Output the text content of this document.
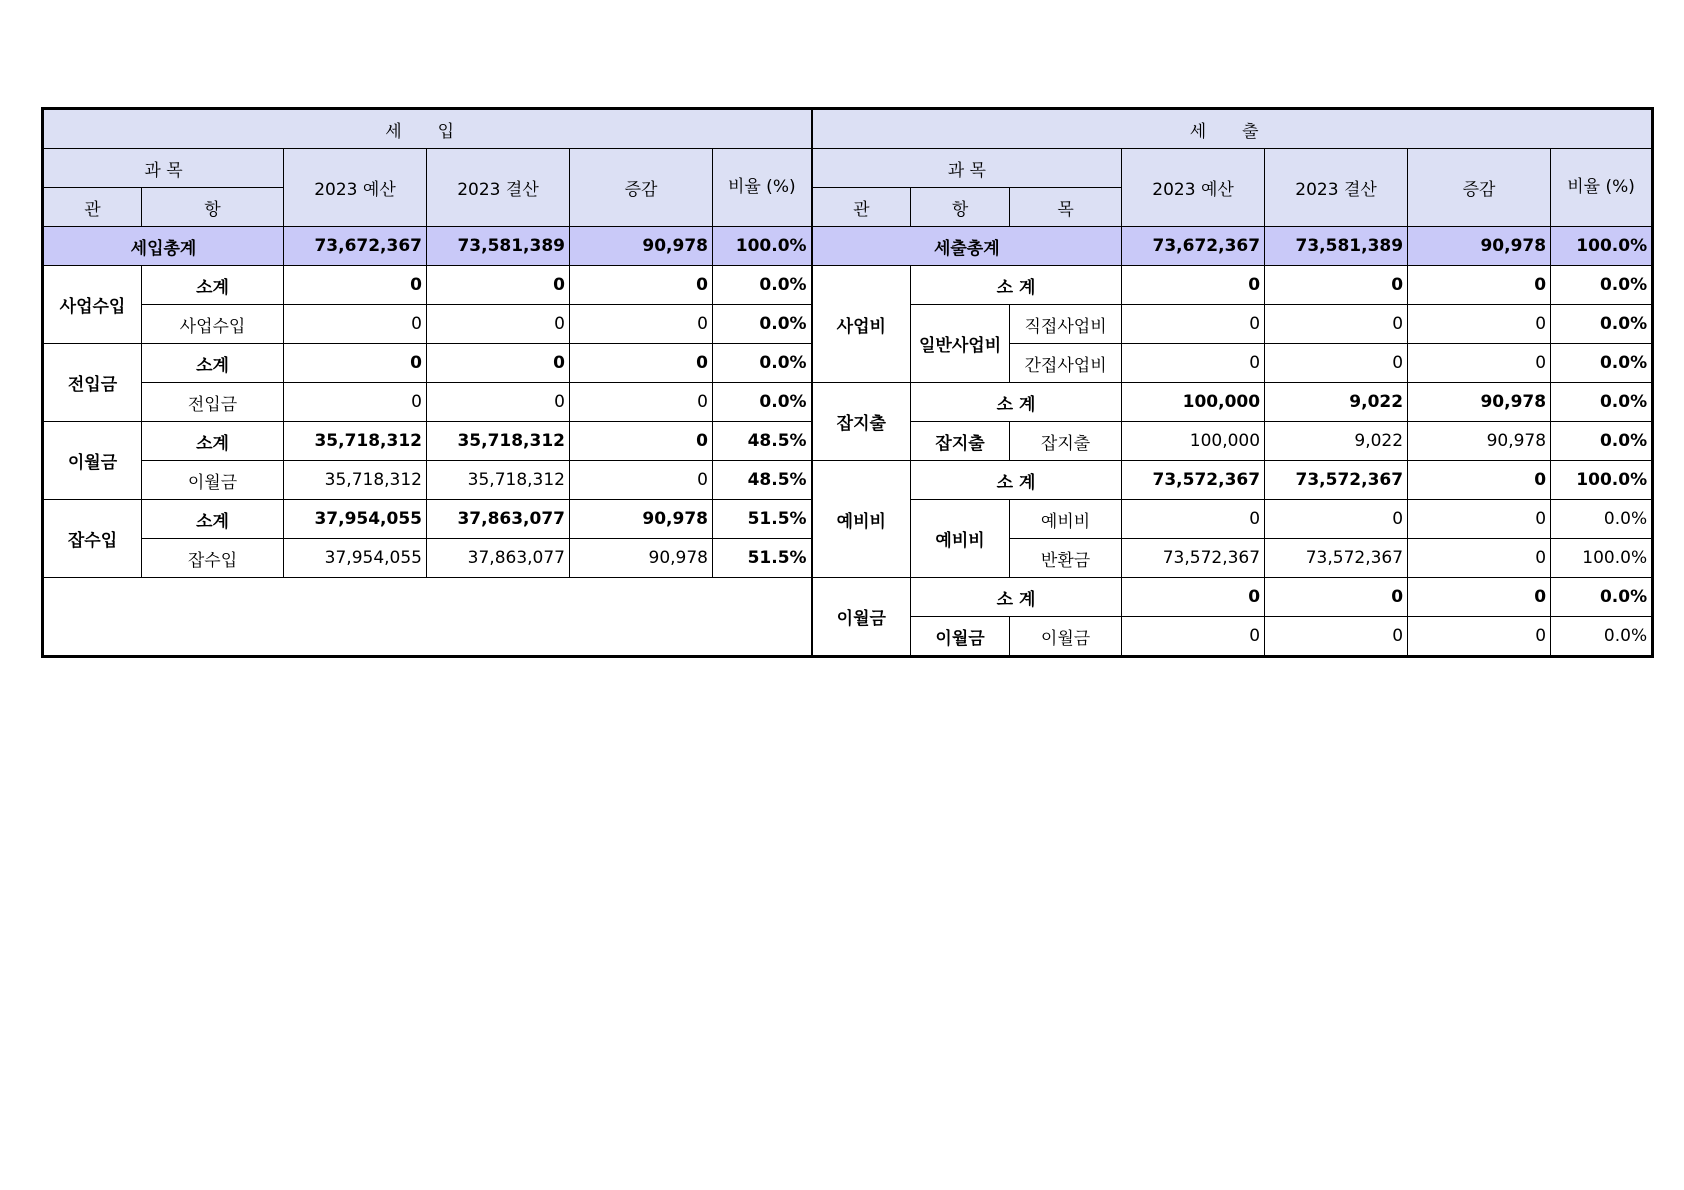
세 입						세 출						
과 목		2023 예산	2023 결산	증감	비율 (%)	과 목			2023 예산	2023 결산	증감	비율 (%)
관	항					관	항	목				
세입총계		73,672,367	73,581,389	90,978	100.0%	세출총계			73,672,367	73,581,389	90,978	100.0%
사업수입	소계	0	0	0	0.0%	사업비	소 계		0	0	0	0.0%
	사업수입	0	0	0	0.0%		일반사업비	직접사업비	0	0	0	0.0%
전입금	소계	0	0	0	0.0%			간접사업비	0	0	0	0.0%
	전입금	0	0	0	0.0%	잡지출	소 계		100,000	9,022	90,978	0.0%
이월금	소계	35,718,312	35,718,312	0	48.5%		잡지출	잡지출	100,000	9,022	90,978	0.0%
	이월금	35,718,312	35,718,312	0	48.5%	예비비	소 계		73,572,367	73,572,367	0	100.0%
잡수입	소계	37,954,055	37,863,077	90,978	51.5%		예비비	예비비	0	0	0	0.0%
	잡수입	37,954,055	37,863,077	90,978	51.5%			반환금	73,572,367	73,572,367	0	100.0%
						이월금	소 계		0	0	0	0.0%
							이월금	이월금	0	0	0	0.0%
